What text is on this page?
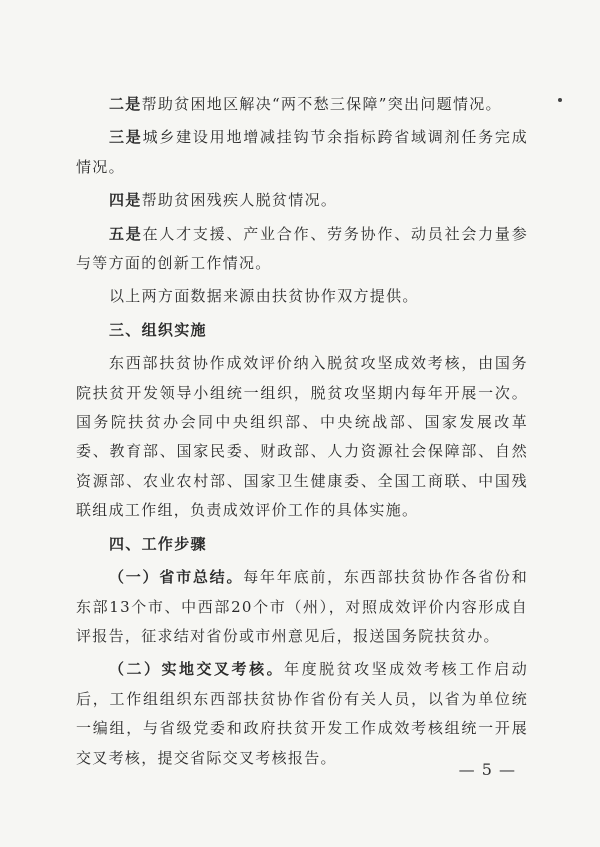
二是帮助贫困地区解决“两不愁三保障”突出问题情况。

三是城乡建设用地增减挂钩节余指标跨省域调剂任务完成情况。

四是帮助贫困残疾人脱贫情况。

五是在人才支援、产业合作、劳务协作、动员社会力量参与等方面的创新工作情况。

以上两方面数据来源由扶贫协作双方提供。

三、组织实施

东西部扶贫协作成效评价纳入脱贫攻坚成效考核，由国务院扶贫开发领导小组统一组织，脱贫攻坚期内每年开展一次。国务院扶贫办会同中央组织部、中央统战部、国家发展改革委、教育部、国家民委、财政部、人力资源社会保障部、自然资源部、农业农村部、国家卫生健康委、全国工商联、中国残联组成工作组，负责成效评价工作的具体实施。

四、工作步骤

（一）省市总结。每年年底前，东西部扶贫协作各省份和东部13个市、中西部20个市（州），对照成效评价内容形成自评报告，征求结对省份或市州意见后，报送国务院扶贫办。

（二）实地交叉考核。年度脱贫攻坚成效考核工作启动后，工作组组织东西部扶贫协作省份有关人员，以省为单位统一编组，与省级党委和政府扶贫开发工作成效考核组统一开展交叉考核，提交省际交叉考核报告。

— 5 —
